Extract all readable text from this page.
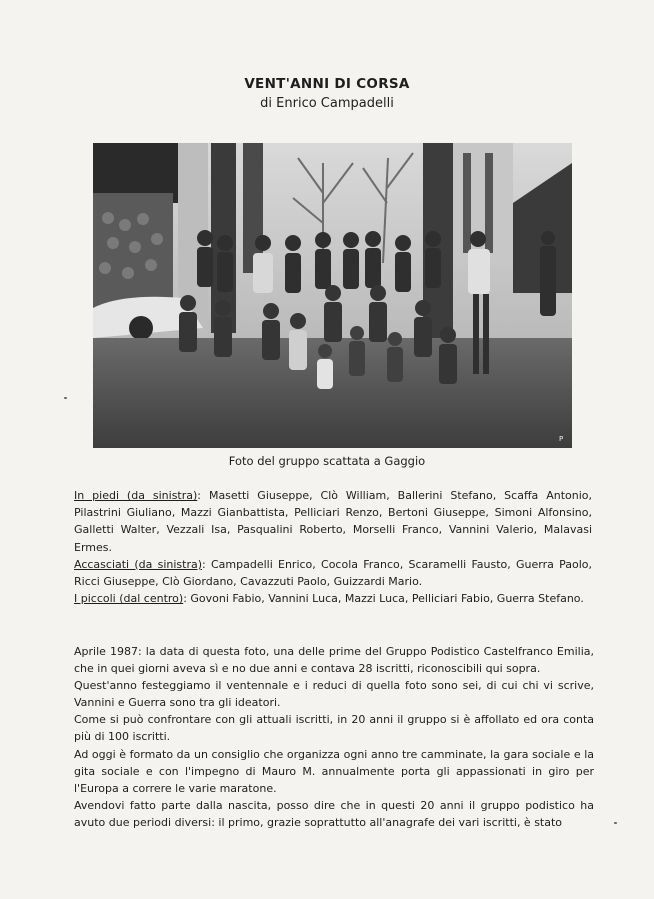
VENT'ANNI DI CORSA
di Enrico Campadelli
P
Foto del gruppo scattata a Gaggio

In piedi (da sinistra): Masetti Giuseppe, Clò William, Ballerini Stefano, Scaffa Antonio, Pilastrini Giuliano, Mazzi Gianbattista, Pelliciari Renzo, Bertoni Giuseppe, Simoni Alfonsino, Galletti Walter, Vezzali Isa, Pasqualini Roberto, Morselli Franco, Vannini Valerio, Malavasi Ermes.

Accasciati (da sinistra): Campadelli Enrico, Cocola Franco, Scaramelli Fausto, Guerra Paolo, Ricci Giuseppe, Clò Giordano, Cavazzuti Paolo, Guizzardi Mario.

I piccoli (dal centro): Govoni Fabio, Vannini Luca, Mazzi Luca, Pelliciari Fabio, Guerra Stefano.

Aprile 1987: la data di questa foto, una delle prime del Gruppo Podistico Castelfranco Emilia, che in quei giorni aveva sì e no due anni e contava 28 iscritti, riconoscibili qui sopra.

Quest'anno festeggiamo il ventennale e i reduci di quella foto sono sei, di cui chi vi scrive, Vannini e Guerra sono tra gli ideatori.

Come si può confrontare con gli attuali iscritti, in 20 anni il gruppo si è affollato ed ora conta più di 100 iscritti.

Ad oggi è formato da un consiglio che organizza ogni anno tre camminate, la gara sociale e la gita sociale e con l'impegno di Mauro M. annualmente porta gli appassionati in giro per l'Europa a correre le varie maratone.

Avendovi fatto parte dalla nascita, posso dire che in questi 20 anni il gruppo podistico ha avuto due periodi diversi: il primo, grazie soprattutto all'anagrafe dei vari iscritti, è stato
